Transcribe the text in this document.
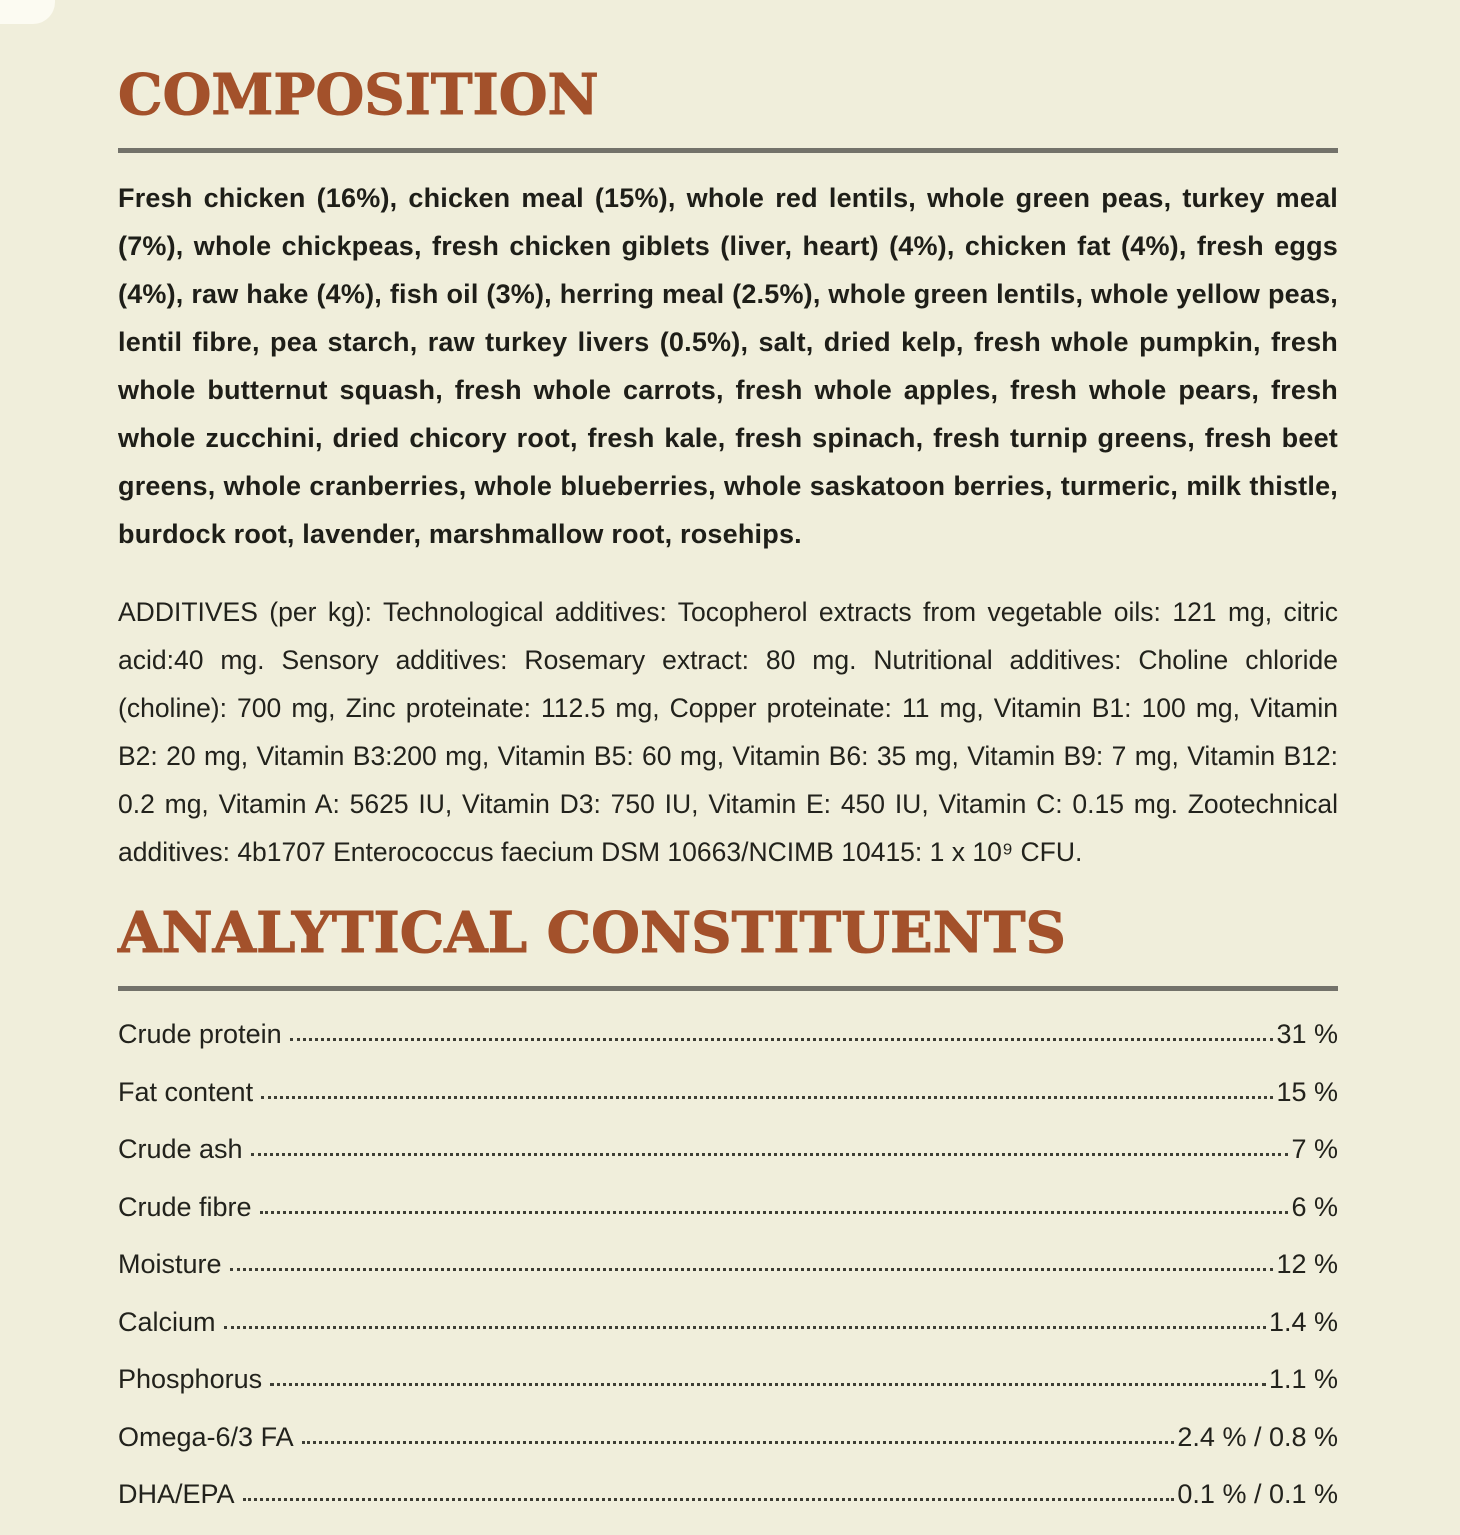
COMPOSITION

Fresh chicken (16%), chicken meal (15%), whole red lentils, whole green peas, turkey meal (7%), whole chickpeas, fresh chicken giblets (liver, heart) (4%), chicken fat (4%), fresh eggs (4%), raw hake (4%), fish oil (3%), herring meal (2.5%), whole green lentils, whole yellow peas, lentil fibre, pea starch, raw turkey livers (0.5%), salt, dried kelp, fresh whole pumpkin, fresh whole butternut squash, fresh whole carrots, fresh whole apples, fresh whole pears, fresh whole zucchini, dried chicory root, fresh kale, fresh spinach, fresh turnip greens, fresh beet greens, whole cranberries, whole blueberries, whole saskatoon berries, turmeric, milk thistle, burdock root, lavender, marshmallow root, rosehips.

ADDITIVES (per kg): Technological additives: Tocopherol extracts from vegetable oils: 121 mg, citric acid:40 mg. Sensory additives: Rosemary extract: 80 mg. Nutritional additives: Choline chloride (choline): 700 mg, Zinc proteinate: 112.5 mg, Copper proteinate: 11 mg, Vitamin B1: 100 mg, Vitamin B2: 20 mg, Vitamin B3:200 mg, Vitamin B5: 60 mg, Vitamin B6: 35 mg, Vitamin B9: 7 mg, Vitamin B12: 0.2 mg, Vitamin A: 5625 IU, Vitamin D3: 750 IU, Vitamin E: 450 IU, Vitamin C: 0.15 mg. Zootechnical additives: 4b1707 Enterococcus faecium DSM 10663/NCIMB 10415: 1 x 10⁹ CFU.

ANALYTICAL CONSTITUENTS
Crude protein	31 %
Fat content	15 %
Crude ash	7 %
Crude fibre	6 %
Moisture	12 %
Calcium	1.4 %
Phosphorus	1.1 %
Omega-6/3 FA	2.4 % / 0.8 %
DHA/EPA	0.1 % / 0.1 %
